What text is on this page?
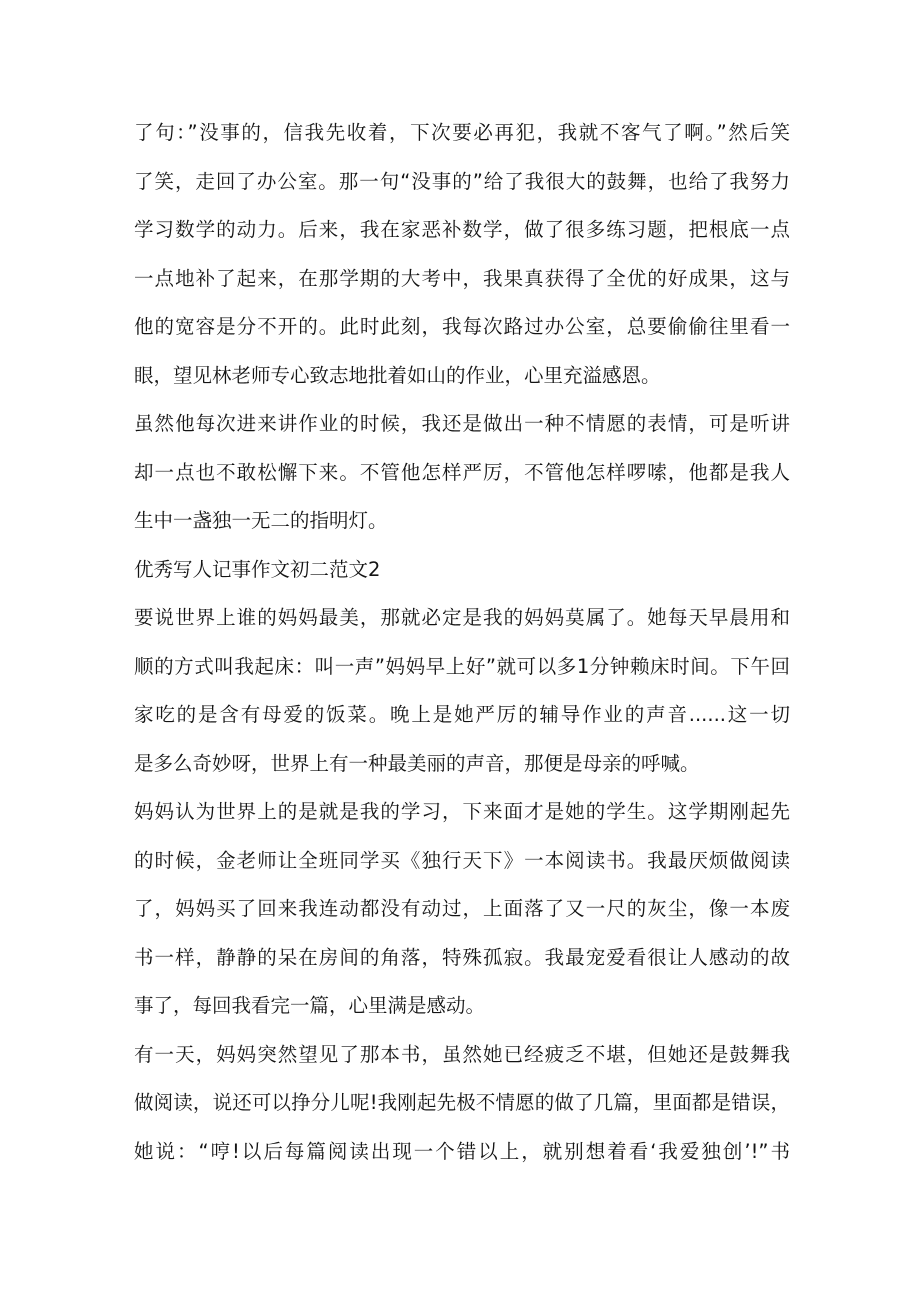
了句：”没事的，信我先收着，下次要必再犯，我就不客气了啊。”然后笑
了笑，走回了办公室。那一句“没事的”给了我很大的鼓舞，也给了我努力
学习数学的动力。后来，我在家恶补数学，做了很多练习题，把根底一点
一点地补了起来，在那学期的大考中，我果真获得了全优的好成果，这与
他的宽容是分不开的。此时此刻，我每次路过办公室，总要偷偷往里看一
眼，望见林老师专心致志地批着如山的作业，心里充溢感恩。
虽然他每次进来讲作业的时候，我还是做出一种不情愿的表情，可是听讲
却一点也不敢松懈下来。不管他怎样严厉，不管他怎样啰嗦，他都是我人
生中一盏独一无二的指明灯。
优秀写人记事作文初二范文2
要说世界上谁的妈妈最美，那就必定是我的妈妈莫属了。她每天早晨用和
顺的方式叫我起床：叫一声”妈妈早上好”就可以多1分钟赖床时间。下午回
家吃的是含有母爱的饭菜。晚上是她严厉的辅导作业的声音......这一切
是多么奇妙呀，世界上有一种最美丽的声音，那便是母亲的呼喊。
妈妈认为世界上的是就是我的学习，下来面才是她的学生。这学期刚起先
的时候，金老师让全班同学买《独行天下》一本阅读书。我最厌烦做阅读
了，妈妈买了回来我连动都没有动过，上面落了又一尺的灰尘，像一本废
书一样，静静的呆在房间的角落，特殊孤寂。我最宠爱看很让人感动的故
事了，每回我看完一篇，心里满是感动。
有一天，妈妈突然望见了那本书，虽然她已经疲乏不堪，但她还是鼓舞我
做阅读，说还可以挣分儿呢!我刚起先极不情愿的做了几篇，里面都是错误，
她说：“哼!以后每篇阅读出现一个错以上，就别想着看‘我爱独创’!”书
